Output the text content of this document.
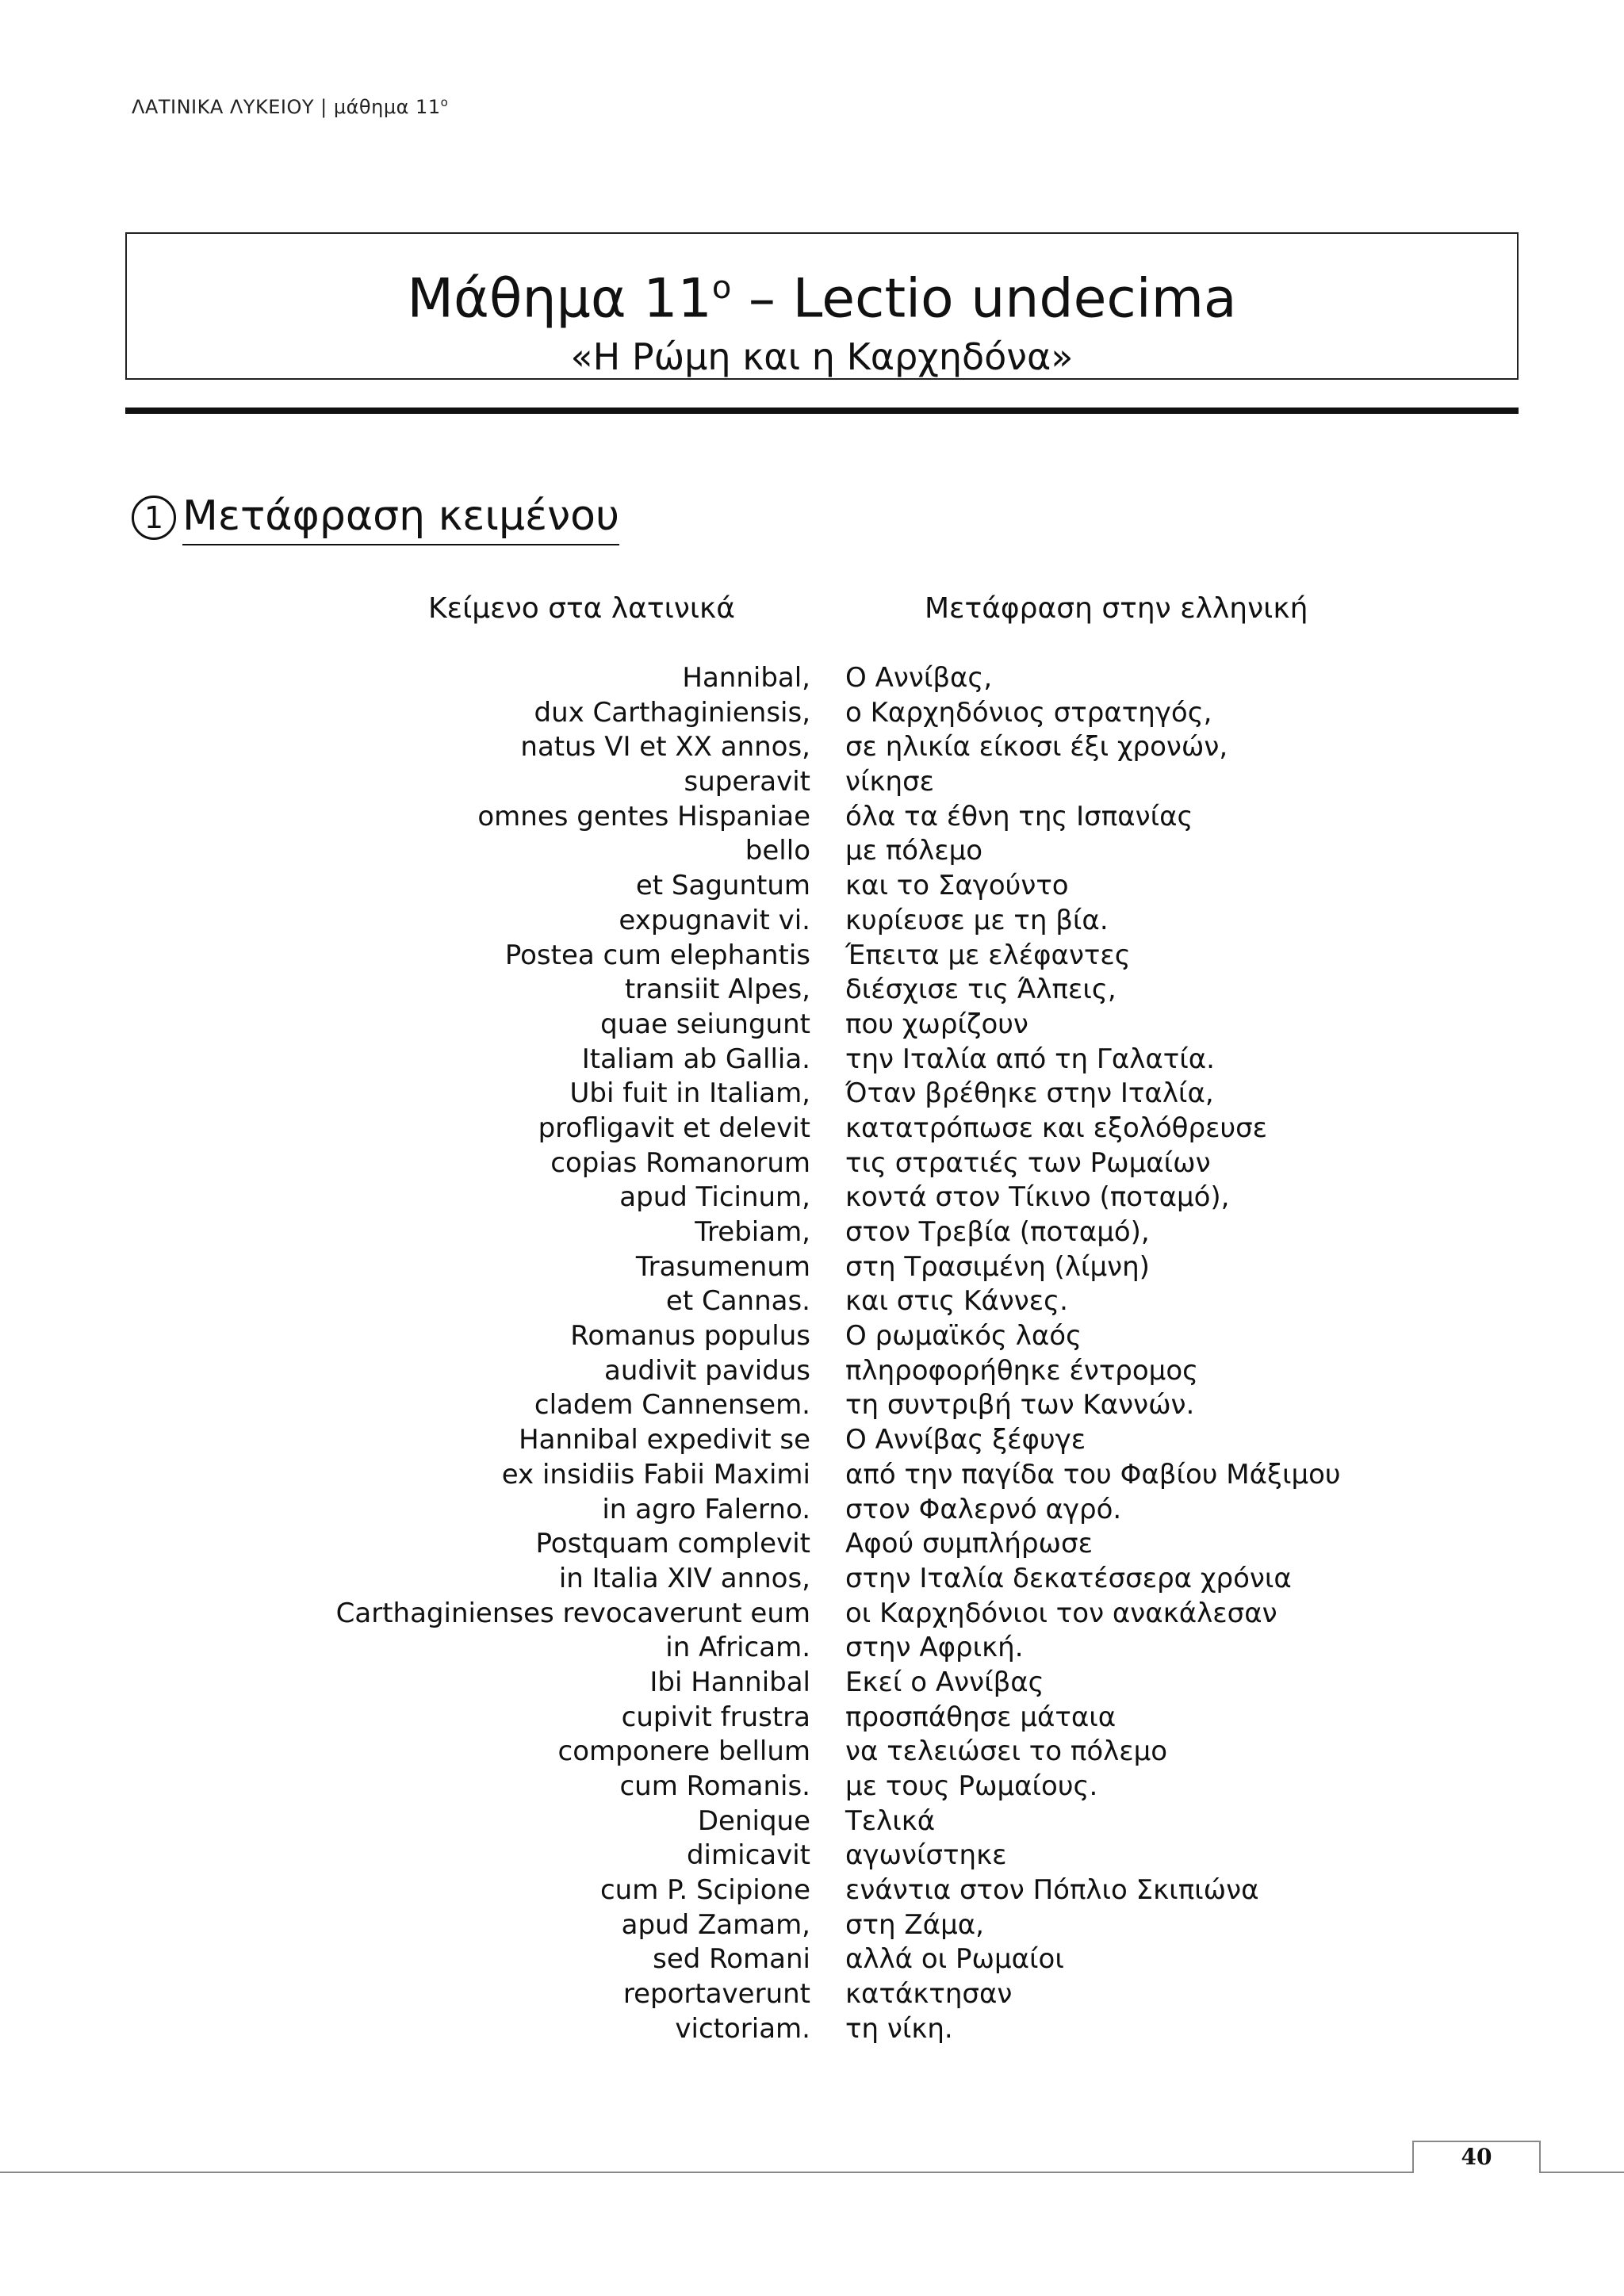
ΛΑΤΙΝΙΚΑ ΛΥΚΕΙΟΥ | μάθημα $11^o$
Μάθημα $11^o$ – Lectio undecima
«Η Ρώμη και η Καρχηδόνα»
1 Μετάφραση κειμένου
Κείμενο στα λατινικά	Μετάφραση στην ελληνική
Hannibal, Ο Αννίβας,
dux Carthaginiensis, ο Καρχηδόνιος στρατηγός,
natus VI et XX annos, σε ηλικία είκοσι έξι χρονών,
superavit νίκησε
omnes gentes Hispaniae όλα τα έθνη της Ισπανίας
bello με πόλεμο
et Saguntum και το Σαγούντο
expugnavit vi. κυρίευσε με τη βία.
Postea cum elephantis Έπειτα με ελέφαντες
transiit Alpes, διέσχισε τις Άλπεις,
quae seiungunt που χωρίζουν
Italiam ab Gallia. την Ιταλία από τη Γαλατία.
Ubi fuit in Italiam, Όταν βρέθηκε στην Ιταλία,
profligavit et delevit κατατρόπωσε και εξολόθρευσε
copias Romanorum τις στρατιές των Ρωμαίων
apud Ticinum, κοντά στον Τίκινο (ποταμό),
Trebiam, στον Τρεβία (ποταμό),
Trasumenum στη Τρασιμένη (λίμνη)
et Cannas. και στις Κάννες.
Romanus populus Ο ρωμαϊκός λαός
audivit pavidus πληροφορήθηκε έντρομος
cladem Cannensem. τη συντριβή των Καννών.
Hannibal expedivit se Ο Αννίβας ξέφυγε
ex insidiis Fabii Maximi από την παγίδα του Φαβίου Μάξιμου
in agro Falerno. στον Φαλερνό αγρό.
Postquam complevit Αφού συμπλήρωσε
in Italia XIV annos, στην Ιταλία δεκατέσσερα χρόνια
Carthaginienses revocaverunt eum οι Καρχηδόνιοι τον ανακάλεσαν
in Africam. στην Αφρική.
Ibi Hannibal Εκεί ο Αννίβας
cupivit frustra προσπάθησε μάταια
componere bellum να τελειώσει το πόλεμο
cum Romanis. με τους Ρωμαίους.
Denique Τελικά
dimicavit αγωνίστηκε
cum P. Scipione ενάντια στον Πόπλιο Σκιπιώνα
apud Zamam, στη Ζάμα,
sed Romani αλλά οι Ρωμαίοι
reportaverunt κατάκτησαν
victoriam. τη νίκη.
40
